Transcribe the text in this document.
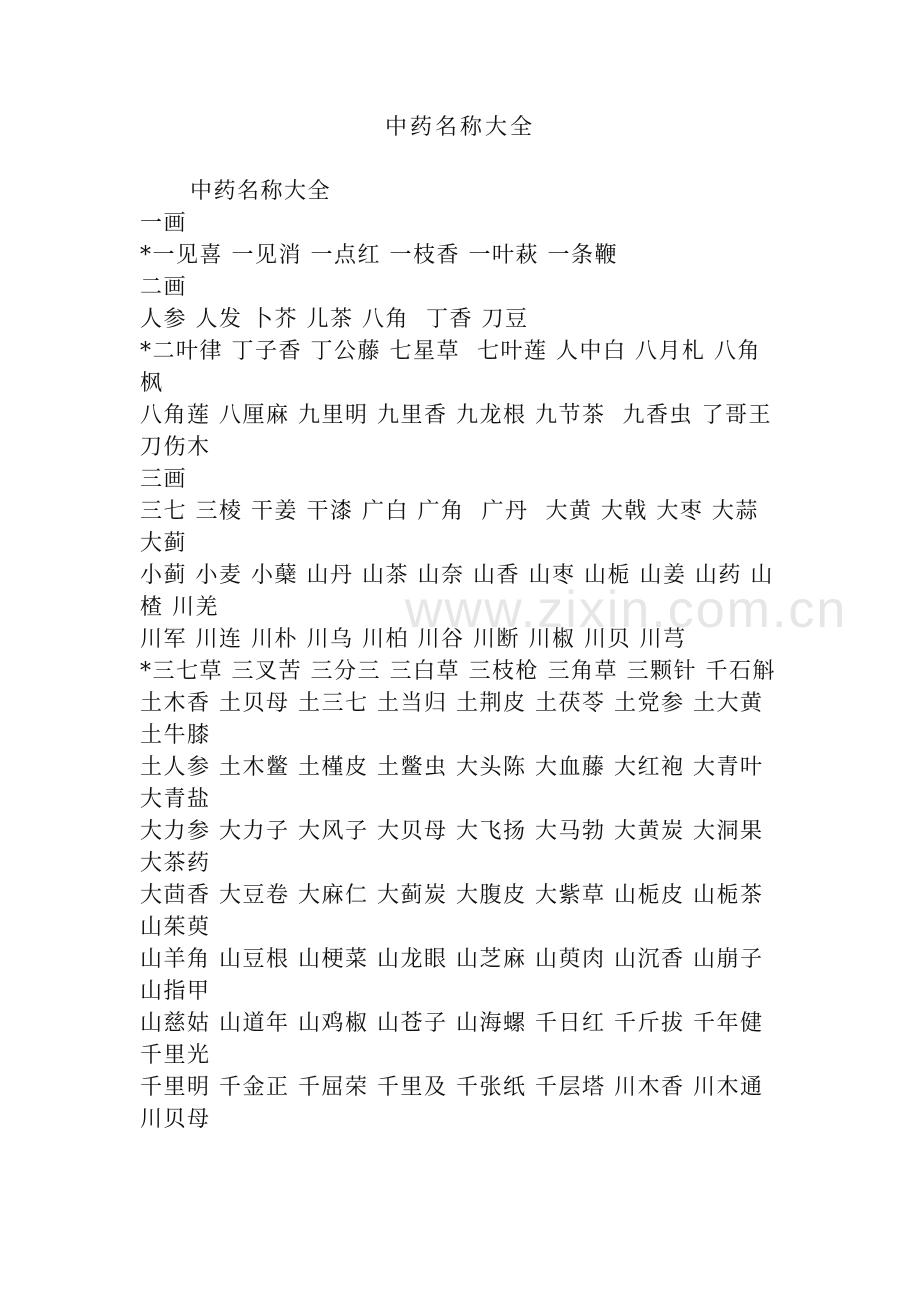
www.zixin.com.cn
中药名称大全
中药名称大全
一画
*一见喜 一见消 一点红 一枝香 一叶萩 一条鞭
二画
人参 人发 卜芥 儿茶 八角  丁香 刀豆
*二叶律 丁子香 丁公藤 七星草  七叶莲 人中白 八月札 八角枫
八角莲 八厘麻 九里明 九里香 九龙根 九节茶  九香虫 了哥王 刀伤木
三画
三七 三棱 干姜 干漆 广白 广角  广丹  大黄 大戟 大枣 大蒜 大蓟
小蓟 小麦 小蘖 山丹 山茶 山奈 山香 山枣 山栀 山姜 山药 山楂 川羌
川军 川连 川朴 川乌 川柏 川谷 川断 川椒 川贝 川芎
*三七草 三叉苦 三分三 三白草 三枝枪 三角草 三颗针 千石斛
土木香 土贝母 土三七 土当归 土荆皮 土茯苓 土党参 土大黄 土牛膝
土人参 土木鳖 土槿皮 土鳖虫 大头陈 大血藤 大红袍 大青叶 大青盐
大力参 大力子 大风子 大贝母 大飞扬 大马勃 大黄炭 大洞果 大茶药
大茴香 大豆卷 大麻仁 大蓟炭 大腹皮 大紫草 山栀皮 山栀茶 山茱萸
山羊角 山豆根 山梗菜 山龙眼 山芝麻 山萸肉 山沉香 山崩子 山指甲
山慈姑 山道年 山鸡椒 山苍子 山海螺 千日红 千斤拔 千年健 千里光
千里明 千金正 千屈荣 千里及 千张纸 千层塔 川木香 川木通 川贝母
